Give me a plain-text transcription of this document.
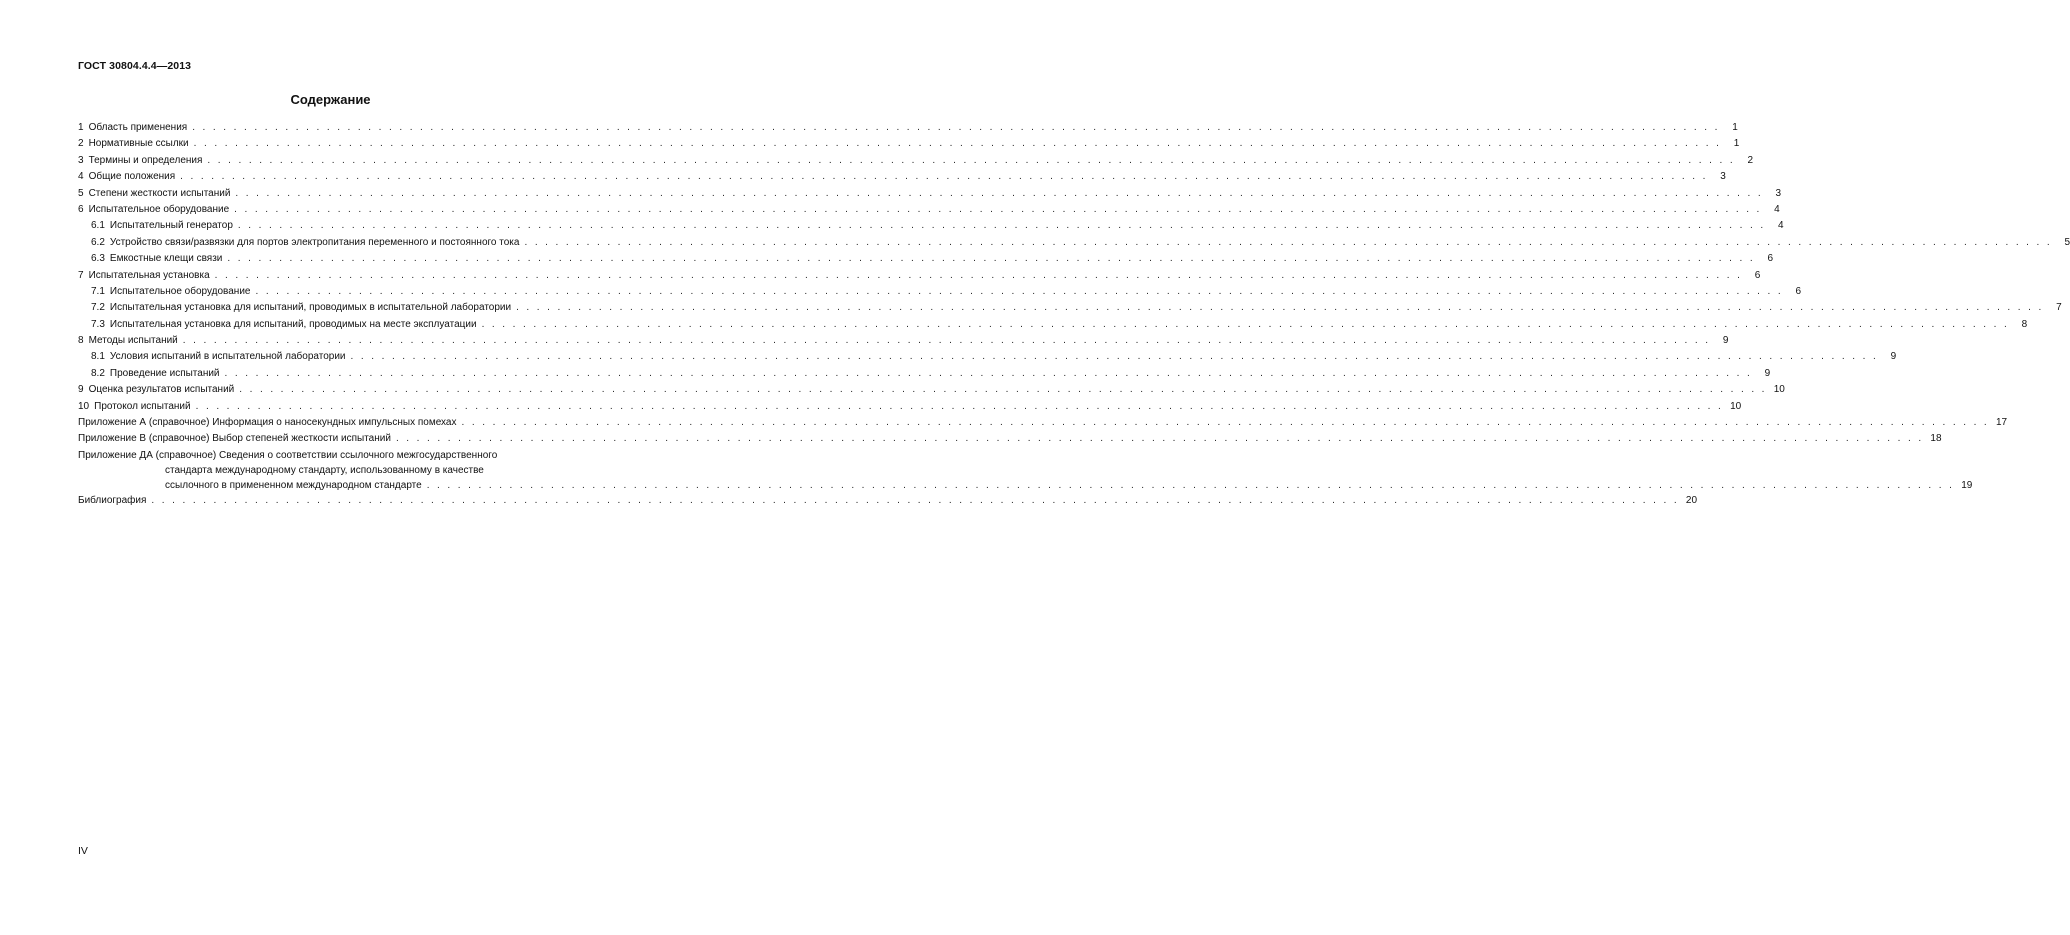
ГОСТ 30804.4.4—2013
Содержание
1 Область применения . . .	1
2 Нормативные ссылки . . .	1
3 Термины и определения . . .	2
4 Общие положения . . .	3
5 Степени жесткости испытаний . . .	3
6 Испытательное оборудование . . .	4
6.1 Испытательный генератор . . .	4
6.2 Устройство связи/развязки для портов электропитания переменного и постоянного тока . . .	5
6.3 Емкостные клещи связи . . .	6
7 Испытательная установка . . .	6
7.1 Испытательное оборудование . . .	6
7.2 Испытательная установка для испытаний, проводимых в испытательной лаборатории . . .	7
7.3 Испытательная установка для испытаний, проводимых на месте эксплуатации . . .	8
8 Методы испытаний . . .	9
8.1 Условия испытаний в испытательной лаборатории . . .	9
8.2 Проведение испытаний . . .	9
9 Оценка результатов испытаний . . .	10
10 Протокол испытаний . . .	10
Приложение А (справочное) Информация о наносекундных импульсных помехах . . .	17
Приложение В (справочное) Выбор степеней жесткости испытаний . . .	18
Приложение ДА (справочное) Сведения о соответствии ссылочного межгосударственного
стандарта международному стандарту, использованному в качестве
ссылочного в примененном международном стандарте . . .	19
Библиография . . .	20
IV
